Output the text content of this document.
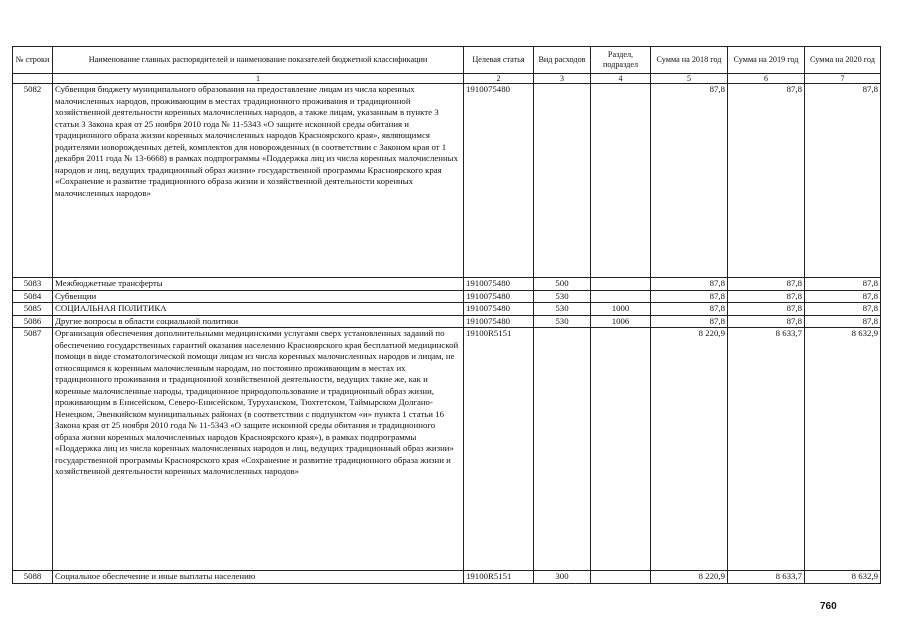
№ строки	Наименование главных распорядителей и наименование показателей бюджетной классификации	Целевая статья	Вид расходов	Раздел, подраздел	Сумма на 2018 год	Сумма на 2019 год	Сумма на 2020 год
	1	2	3	4	5	6	7
5082	Субвенция бюджету муниципального образования на предоставление лицам из числа коренных малочисленных народов, проживающим в местах традиционного проживания и традиционной хозяйственной деятельности коренных малочисленных народов, а также лицам, указанным в пункте 3 статьи 3 Закона края от 25 ноября 2010 года № 11-5343 «О защите исконной среды обитания и традиционного образа жизни коренных малочисленных народов Красноярского края», являющимся родителями новорожденных детей, комплектов для новорожденных (в соответствии с Законом края от 1 декабря 2011 года № 13-6668) в рамках подпрограммы «Поддержка лиц из числа коренных малочисленных народов и лиц, ведущих традиционный образ жизни» государственной программы Красноярского края «Сохранение и развитие традиционного образа жизни и хозяйственной деятельности коренных малочисленных народов»	1910075480			87,8	87,8	87,8
5083	Межбюджетные трансферты	1910075480	500		87,8	87,8	87,8
5084	Субвенции	1910075480	530		87,8	87,8	87,8
5085	СОЦИАЛЬНАЯ ПОЛИТИКА	1910075480	530	1000	87,8	87,8	87,8
5086	Другие вопросы в области социальной политики	1910075480	530	1006	87,8	87,8	87,8
5087	Организация обеспечения дополнительными медицинскими услугами сверх установленных заданий по обеспечению государственных гарантий оказания населению Красноярского края бесплатной медицинской помощи в виде стоматологической помощи лицам из числа коренных малочисленных народов и лицам, не относящимся к коренным малочисленным народам, но постоянно проживающим в местах их традиционного проживания и традиционной хозяйственной деятельности, ведущих такие же, как и коренные малочисленные народы, традиционное природопользование и традиционный образ жизни, проживающим в Енисейском, Северо-Енисейском, Туруханском, Тюхтетском, Таймырском Долгано-Ненецком, Эвенкийском муниципальных районах (в соответствии с подпунктом «и» пункта 1 статьи 16 Закона края от 25 ноября 2010 года № 11-5343 «О защите исконной среды обитания и традиционного образа жизни коренных малочисленных народов Красноярского края»), в рамках подпрограммы «Поддержка лиц из числа коренных малочисленных народов и лиц, ведущих традиционный образ жизни» государственной программы Красноярского края «Сохранение и развитие традиционного образа жизни и хозяйственной деятельности коренных малочисленных народов»	19100R5151			8 220,9	8 633,7	8 632,9
5088	Социальное обеспечение и иные выплаты населению	19100R5151	300		8 220,9	8 633,7	8 632,9
760
